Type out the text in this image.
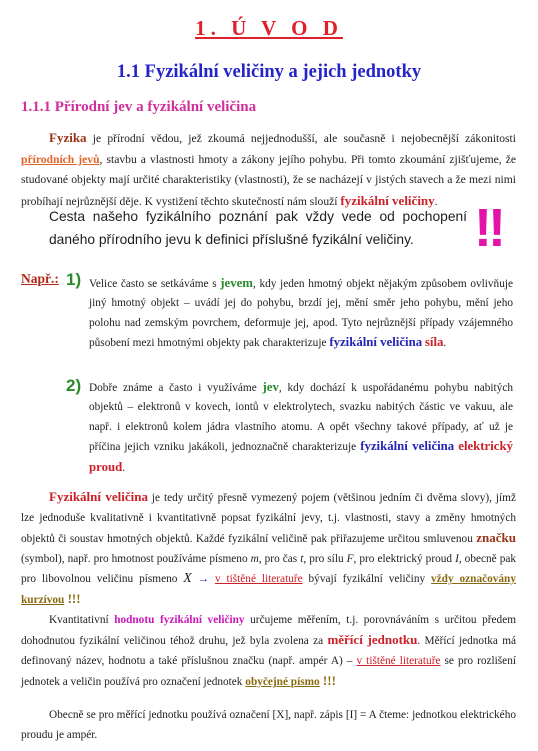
1. Ú V O D
1.1 Fyzikální veličiny a jejich jednotky
1.1.1 Přírodní jev a fyzikální veličina
Fyzika je přírodní vědou, jež zkoumá nejjednodušší, ale současně i nejobecnější zákonitosti přírodních jevů, stavbu a vlastnosti hmoty a zákony jejího pohybu. Při tomto zkoumání zjišťujeme, že studované objekty mají určité charakteristiky (vlastnosti), že se nacházejí v jistých stavech a že mezi nimi probíhají nejrůznější děje. K vystižení těchto skutečností nám slouží fyzikální veličiny.
Cesta našeho fyzikálního poznání pak vždy vede od pochopení daného přírodního jevu k definici příslušné fyzikální veličiny.	!!
Např.: 1) Velice často se setkáváme s jevem, kdy jeden hmotný objekt nějakým způsobem ovlivňuje jiný hmotný objekt – uvádí jej do pohybu, brzdí jej, mění směr jeho pohybu, mění jeho polohu nad zemským povrchem, deformuje jej, apod. Tyto nejrůznější případy vzájemného působení mezi hmotnými objekty pak charakterizuje fyzikální veličina síla.
2) Dobře známe a často i využíváme jev, kdy dochází k uspořádanému pohybu nabitých objektů – elektronů v kovech, iontů v elektrolytech, svazku nabitých částic ve vakuu, ale např. i elektronů kolem jádra vlastního atomu. A opět všechny takové případy, ať už je příčina jejich vzniku jakákoli, jednoznačně charakterizuje fyzikální veličina elektrický proud.
Fyzikální veličina je tedy určitý přesně vymezený pojem (většinou jedním či dvěma slovy), jímž lze jednoduše kvalitativně i kvantitativně popsat fyzikální jevy, t.j. vlastnosti, stavy a změny hmotných objektů či soustav hmotných objektů. Každé fyzikální veličině pak přiřazujeme určitou smluvenou značku (symbol), např. pro hmotnost používáme písmeno m, pro čas t, pro sílu F, pro elektrický proud I, obecně pak pro libovolnou veličinu písmeno X → v tištěné literatuře bývají fyzikální veličiny vždy označovány kurzívou !!!
Kvantitativní hodnotu fyzikální veličiny určujeme měřením, t.j. porovnáváním s určitou předem dohodnutou fyzikální veličinou téhož druhu, jež byla zvolena za měřící jednotku. Měřící jednotka má definovaný název, hodnotu a také příslušnou značku (např. ampér A) – v tištěné literatuře se pro rozlišení jednotek a veličin používá pro označení jednotek obyčejné písmo !!!
Obecně se pro měřící jednotku používá označení [X], např. zápis [I] = A čteme: jednotkou elektrického proudu je ampér.
